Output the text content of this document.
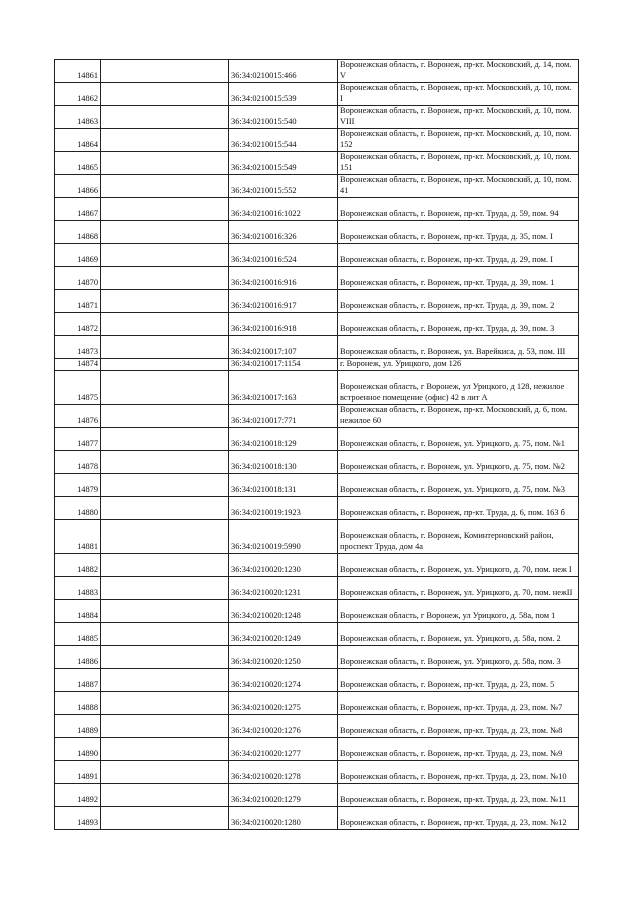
14861		36:34:0210015:466	Воронежская область, г. Воронеж, пр-кт. Московский, д. 14, пом. V
14862		36:34:0210015:539	Воронежская область, г. Воронеж, пр-кт. Московский, д. 10, пом. I
14863		36:34:0210015:540	Воронежская область, г. Воронеж, пр-кт. Московский, д. 10, пом. VIII
14864		36:34:0210015:544	Воронежская область, г. Воронеж, пр-кт. Московский, д. 10, пом. 152
14865		36:34:0210015:549	Воронежская область, г. Воронеж, пр-кт. Московский, д. 10, пом. 151
14866		36:34:0210015:552	Воронежская область, г. Воронеж, пр-кт. Московский, д. 10, пом. 41
14867		36:34:0210016:1022	Воронежская область, г. Воронеж, пр-кт. Труда, д. 59, пом. 94
14868		36:34:0210016:326	Воронежская область, г. Воронеж, пр-кт. Труда, д. 35, пом. I
14869		36:34:0210016:524	Воронежская область, г. Воронеж, пр-кт. Труда, д. 29, пом. I
14870		36:34:0210016:916	Воронежская область, г. Воронеж, пр-кт. Труда, д. 39, пом. 1
14871		36:34:0210016:917	Воронежская область, г. Воронеж, пр-кт. Труда, д. 39, пом. 2
14872		36:34:0210016:918	Воронежская область, г. Воронеж, пр-кт. Труда, д. 39, пом. 3
14873		36:34:0210017:107	Воронежская область, г. Воронеж, ул. Варейкиса, д. 53, пом. III
14874		36:34:0210017:1154	г. Воронеж, ул. Урицкого, дом 126
14875		36:34:0210017:163	Воронежская область, г Воронеж, ул Урицкого, д 128, нежилое встроенное помещение (офис) 42 в лит А
14876		36:34:0210017:771	Воронежская область, г. Воронеж, пр-кт. Московский, д. 6, пом. нежилое 60
14877		36:34:0210018:129	Воронежская область, г. Воронеж, ул. Урицкого, д. 75, пом. №1
14878		36:34:0210018:130	Воронежская область, г. Воронеж, ул. Урицкого, д. 75, пом. №2
14879		36:34:0210018:131	Воронежская область, г. Воронеж, ул. Урицкого, д. 75, пом. №3
14880		36:34:0210019:1923	Воронежская область, г. Воронеж, пр-кт. Труда, д. 6, пом. 163 б
14881		36:34:0210019:5990	Воронежская область, г. Воронеж, Коминтерновский район, проспект Труда, дом 4а
14882		36:34:0210020:1230	Воронежская область, г. Воронеж, ул. Урицкого, д. 70, пом. неж I
14883		36:34:0210020:1231	Воронежская область, г. Воронеж, ул. Урицкого, д. 70, пом. нежII
14884		36:34:0210020:1248	Воронежская область, г Воронеж, ул Урицкого, д. 58а, пом 1
14885		36:34:0210020:1249	Воронежская область, г. Воронеж, ул. Урицкого, д. 58а, пом. 2
14886		36:34:0210020:1250	Воронежская область, г. Воронеж, ул. Урицкого, д. 58а, пом. 3
14887		36:34:0210020:1274	Воронежская область, г. Воронеж, пр-кт. Труда, д. 23, пом. 5
14888		36:34:0210020:1275	Воронежская область, г. Воронеж, пр-кт. Труда, д. 23, пом. №7
14889		36:34:0210020:1276	Воронежская область, г. Воронеж, пр-кт. Труда, д. 23, пом. №8
14890		36:34:0210020:1277	Воронежская область, г. Воронеж, пр-кт. Труда, д. 23, пом. №9
14891		36:34:0210020:1278	Воронежская область, г. Воронеж, пр-кт. Труда, д. 23, пом. №10
14892		36:34:0210020:1279	Воронежская область, г. Воронеж, пр-кт. Труда, д. 23, пом. №11
14893		36:34:0210020:1280	Воронежская область, г. Воронеж, пр-кт. Труда, д. 23, пом. №12
